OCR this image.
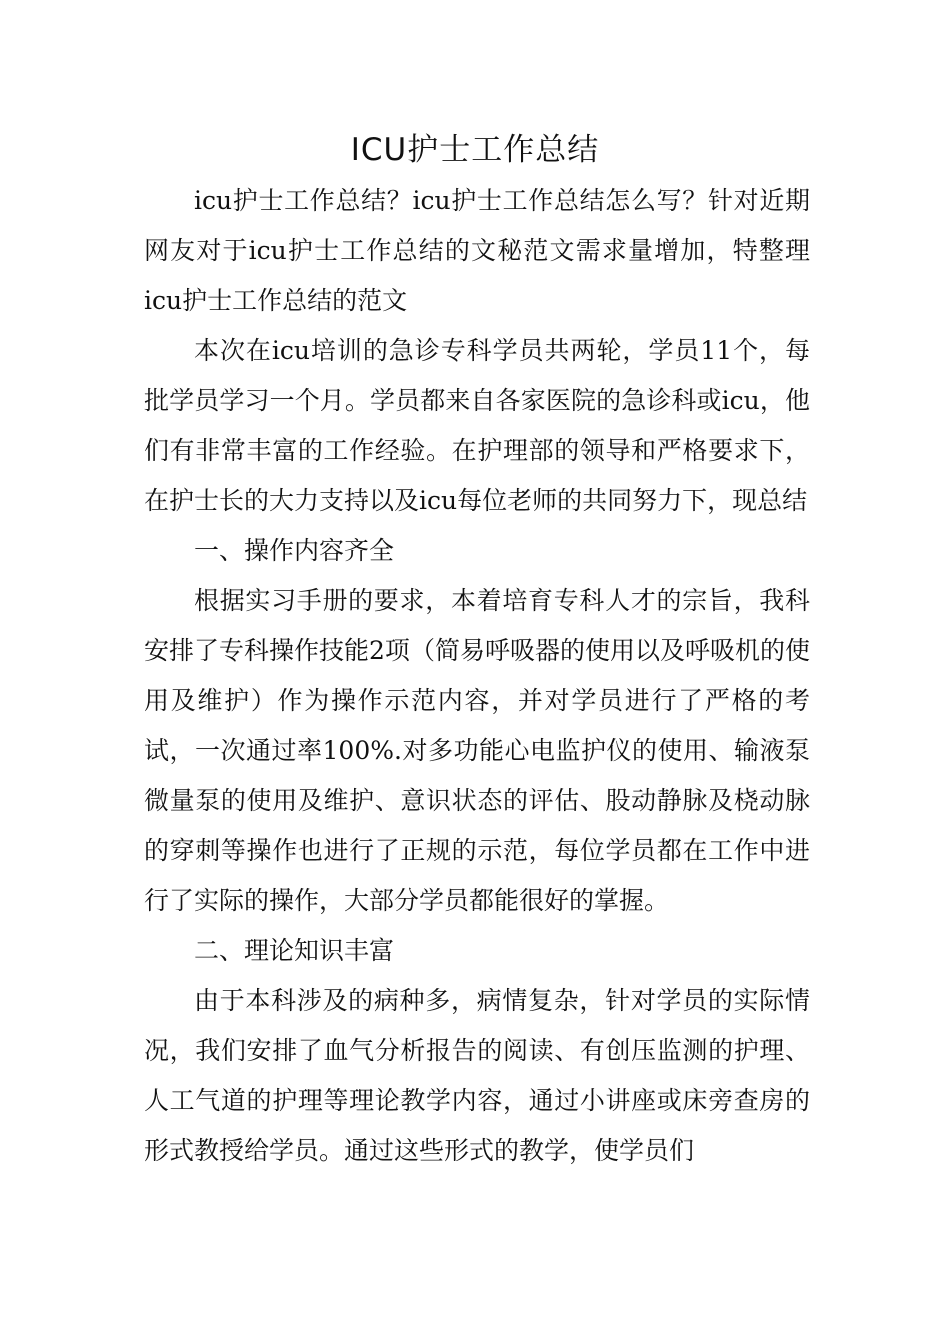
ICU护士工作总结

icu护士工作总结？icu护士工作总结怎么写？针对近期网友对于icu护士工作总结的文秘范文需求量增加，特整理icu护士工作总结的范文

本次在icu培训的急诊专科学员共两轮，学员11个，每批学员学习一个月。学员都来自各家医院的急诊科或icu，他们有非常丰富的工作经验。在护理部的领导和严格要求下，在护士长的大力支持以及icu每位老师的共同努力下，现总结

一、操作内容齐全

根据实习手册的要求，本着培育专科人才的宗旨，我科安排了专科操作技能2项（简易呼吸器的使用以及呼吸机的使用及维护）作为操作示范内容，并对学员进行了严格的考试，一次通过率100%.对多功能心电监护仪的使用、输液泵微量泵的使用及维护、意识状态的评估、股动静脉及桡动脉的穿刺等操作也进行了正规的示范，每位学员都在工作中进行了实际的操作，大部分学员都能很好的掌握。

二、理论知识丰富

由于本科涉及的病种多，病情复杂，针对学员的实际情况，我们安排了血气分析报告的阅读、有创压监测的护理、人工气道的护理等理论教学内容，通过小讲座或床旁查房的形式教授给学员。通过这些形式的教学，使学员们
